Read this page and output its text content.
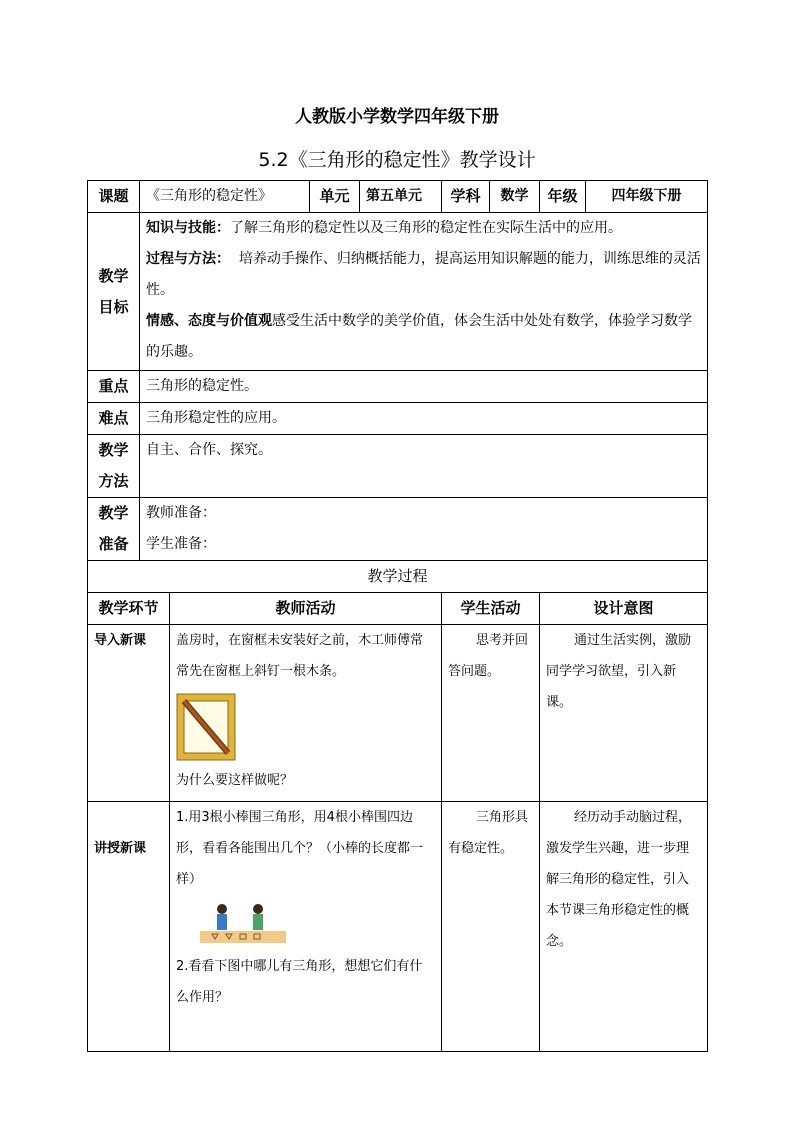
人教版小学数学四年级下册
5.2《三角形的稳定性》教学设计
课题	《三角形的稳定性》		单元	第五单元	学科	数学	年级	四年级下册
教学目标	知识与技能：了解三角形的稳定性以及三角形的稳定性在实际生活中的应用。
过程与方法：  培养动手操作、归纳概括能力，提高运用知识解题的能力，训练思维的灵活性。
情感、态度与价值观感受生活中数学的美学价值，体会生活中处处有数学，体验学习数学的乐趣。							

重点	三角形的稳定性。							
难点	三角形稳定性的应用。							
教学方法	自主、合作、探究。							
教学准备	教师准备：
学生准备：							

教学过程								
教学环节		教师活动			学生活动		设计意图	
导入新课		盖房时，在窗框未安装好之前，木工师傅常常先在窗框上斜钉一根木条。
为什么要这样做呢？			思考并回答问题。		通过生活实例，激励同学学习欲望，引入新课。	

讲授新课		1.用3根小棒围三角形，用4根小棒围四边形，看看各能围出几个？（小棒的长度都一样）
2.看看下图中哪儿有三角形，想想它们有什么作用？			三角形具有稳定性。		经历动手动脑过程，激发学生兴趣，进一步理解三角形的稳定性，引入本节课三角形稳定性的概念。	
